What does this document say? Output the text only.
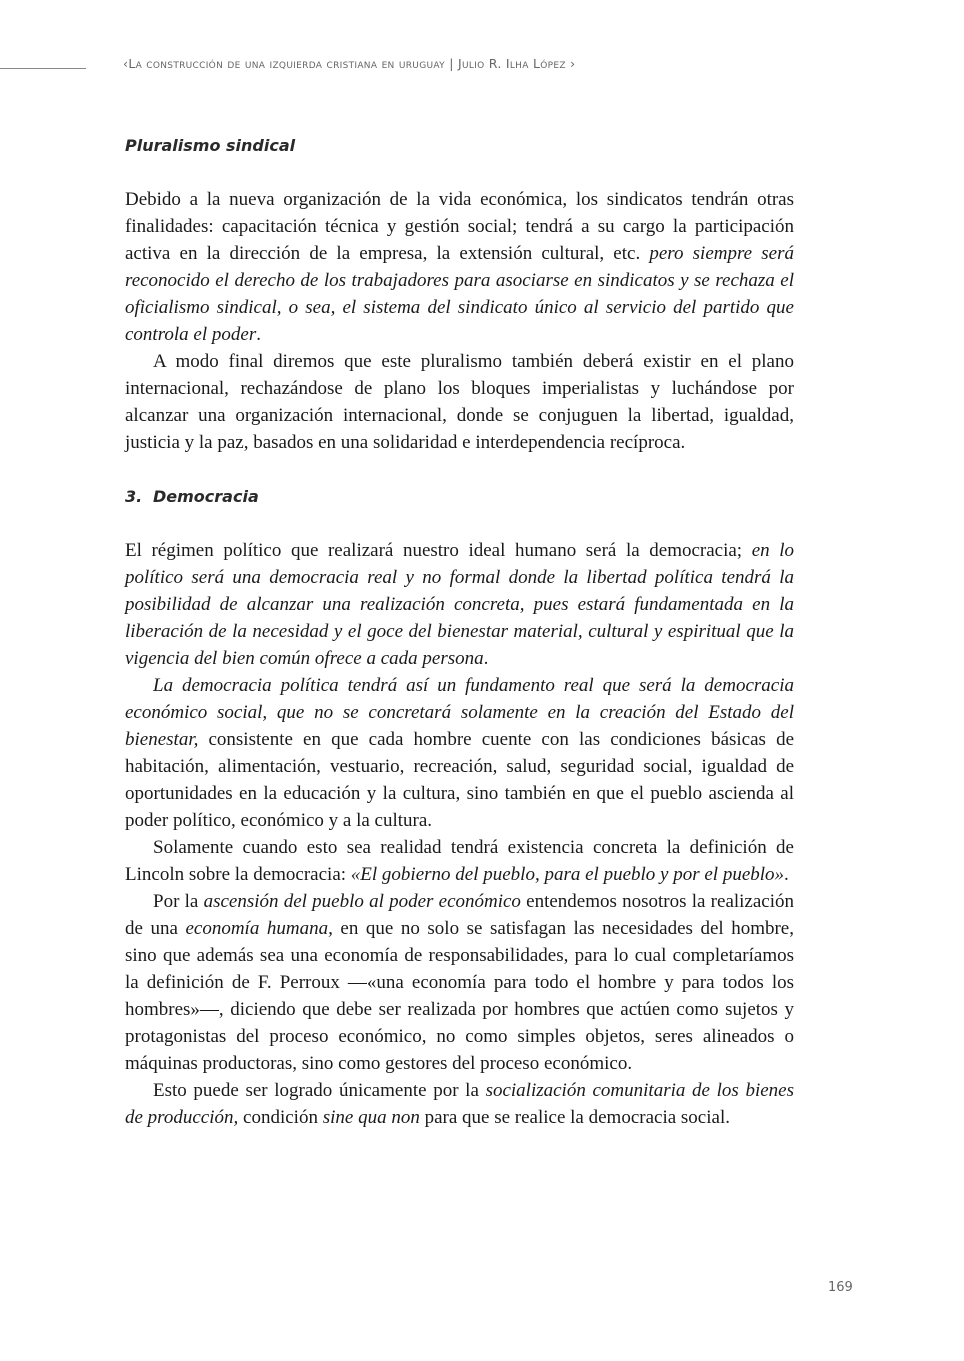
‹La construcción de una izquierda cristiana en uruguay | Julio R. Ilha López ›
Pluralismo sindical

Debido a la nueva organización de la vida económica, los sindicatos tendrán otras finalidades: capacitación técnica y gestión social; tendrá a su cargo la participación activa en la dirección de la empresa, la extensión cultural, etc. pero siempre será reconocido el derecho de los trabajadores para asociarse en sindicatos y se rechaza el oficialismo sindical, o sea, el sistema del sindicato único al servicio del partido que controla el poder.

A modo final diremos que este pluralismo también deberá existir en el plano internacional, rechazándose de plano los bloques imperialistas y luchándose por alcanzar una organización internacional, donde se conjuguen la libertad, igualdad, justicia y la paz, basados en una solidaridad e interdependencia recíproca.

3. Democracia

El régimen político que realizará nuestro ideal humano será la democracia; en lo político será una democracia real y no formal donde la libertad política tendrá la posibilidad de alcanzar una realización concreta, pues estará fundamentada en la liberación de la necesidad y el goce del bienestar material, cultural y espiritual que la vigencia del bien común ofrece a cada persona.

La democracia política tendrá así un fundamento real que será la democracia económico social, que no se concretará solamente en la creación del Estado del bienestar, consistente en que cada hombre cuente con las condiciones básicas de habitación, alimentación, vestuario, recreación, salud, seguridad social, igualdad de oportunidades en la educación y la cultura, sino también en que el pueblo ascienda al poder político, económico y a la cultura.

Solamente cuando esto sea realidad tendrá existencia concreta la definición de Lincoln sobre la democracia: «El gobierno del pueblo, para el pueblo y por el pueblo».

Por la ascensión del pueblo al poder económico entendemos nosotros la realización de una economía humana, en que no solo se satisfagan las necesidades del hombre, sino que además sea una economía de responsabilidades, para lo cual completaríamos la definición de F. Perroux —«una economía para todo el hombre y para todos los hombres»—, diciendo que debe ser realizada por hombres que actúen como sujetos y protagonistas del proceso económico, no como simples objetos, seres alineados o máquinas productoras, sino como gestores del proceso económico.

Esto puede ser logrado únicamente por la socialización comunitaria de los bienes de producción, condición sine qua non para que se realice la democracia social.

169
